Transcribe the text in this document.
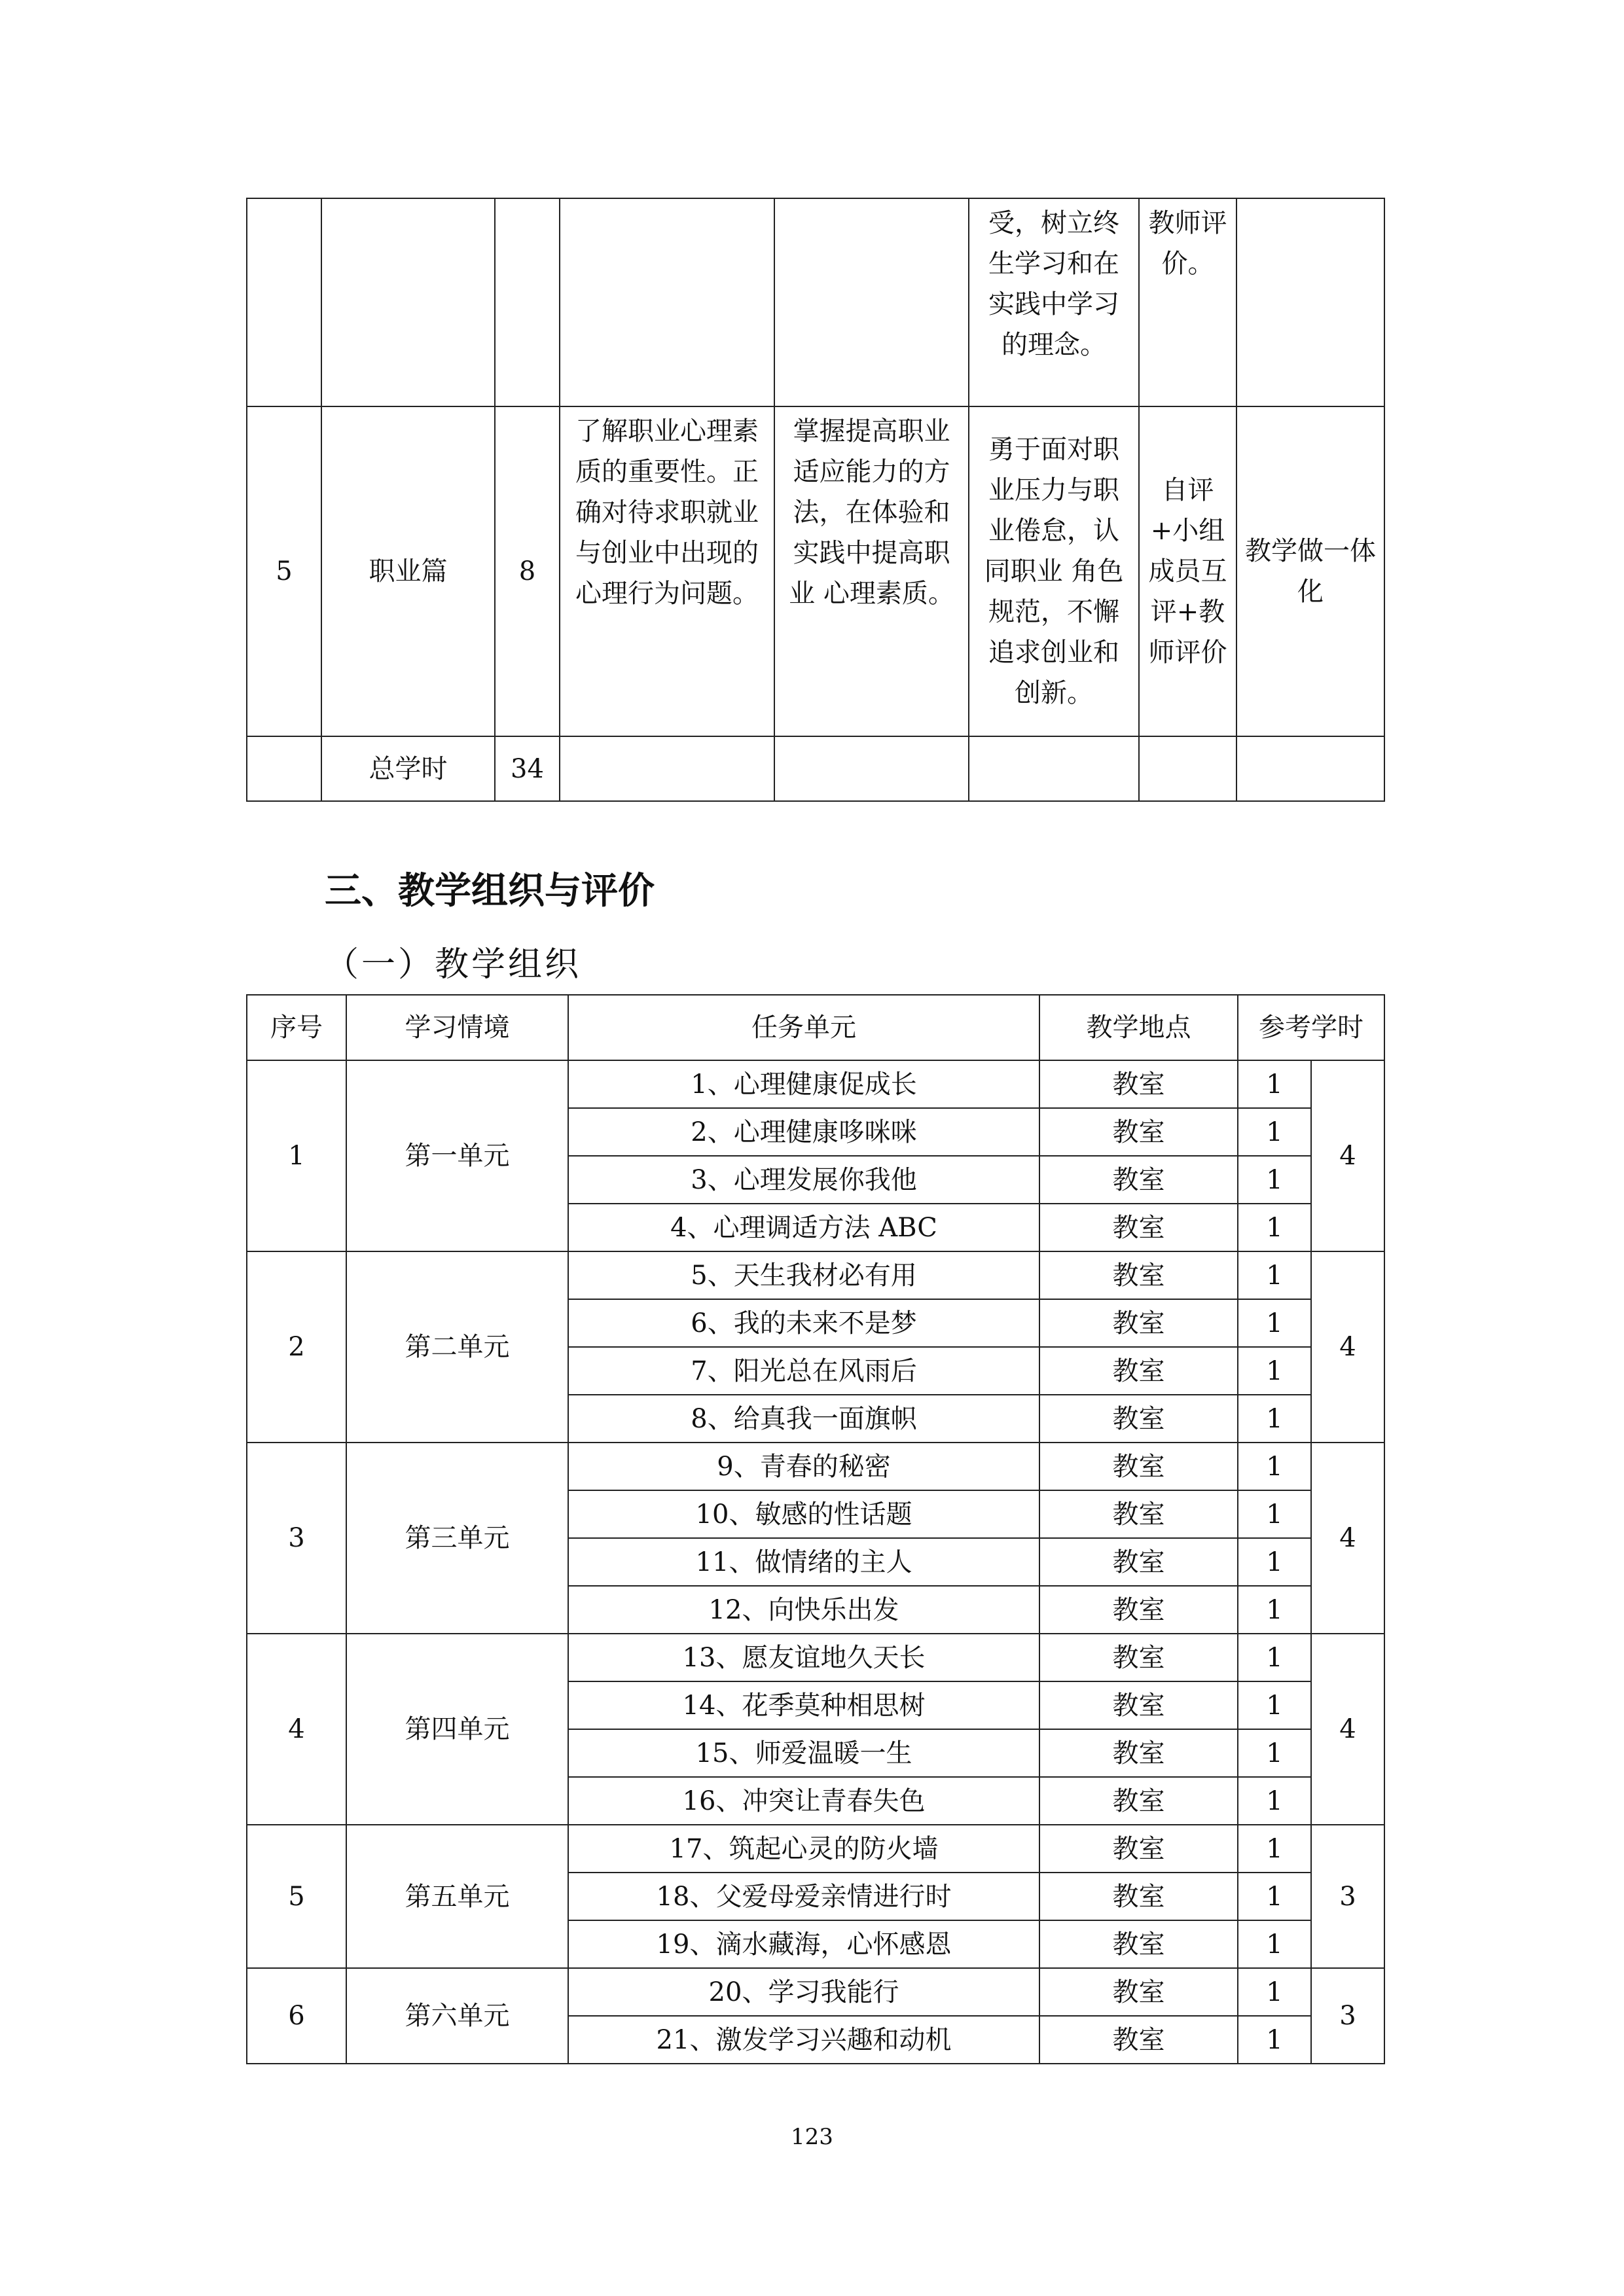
					受，树立终生学习和在实践中学习的理念。	教师评价。	

5	职业篇	8	了解职业心理素质的重要性。正确对待求职就业与创业中出现的心理行为问题。	掌握提高职业 适应能力的方法，在体验和实践中提高职业 心理素质。	勇于面对职业压力与职业倦怠，认同职业 角色规范，不懈追求创业和创新。	自评+小组成员互评+教师评价	教学做一体化

	总学时	34					
三、教学组织与评价
（一）教学组织
序号	学习情境	任务单元	教学地点	参考学时	
1	第一单元	1、心理健康促成长	教室	1	4
		2、心理健康哆咪咪	教室	1	
		3、心理发展你我他	教室	1	
		4、心理调适方法 ABC	教室	1	
2	第二单元	5、天生我材必有用	教室	1	4
		6、我的未来不是梦	教室	1	
		7、阳光总在风雨后	教室	1	
		8、给真我一面旗帜	教室	1	
3	第三单元	9、青春的秘密	教室	1	4
		10、敏感的性话题	教室	1	
		11、做情绪的主人	教室	1	
		12、向快乐出发	教室	1	
4	第四单元	13、愿友谊地久天长	教室	1	4
		14、花季莫种相思树	教室	1	
		15、师爱温暖一生	教室	1	
		16、冲突让青春失色	教室	1	
5	第五单元	17、筑起心灵的防火墙	教室	1	3
		18、父爱母爱亲情进行时	教室	1	
		19、滴水藏海，心怀感恩	教室	1	
6	第六单元	20、学习我能行	教室	1	3
		21、激发学习兴趣和动机	教室	1	
123
